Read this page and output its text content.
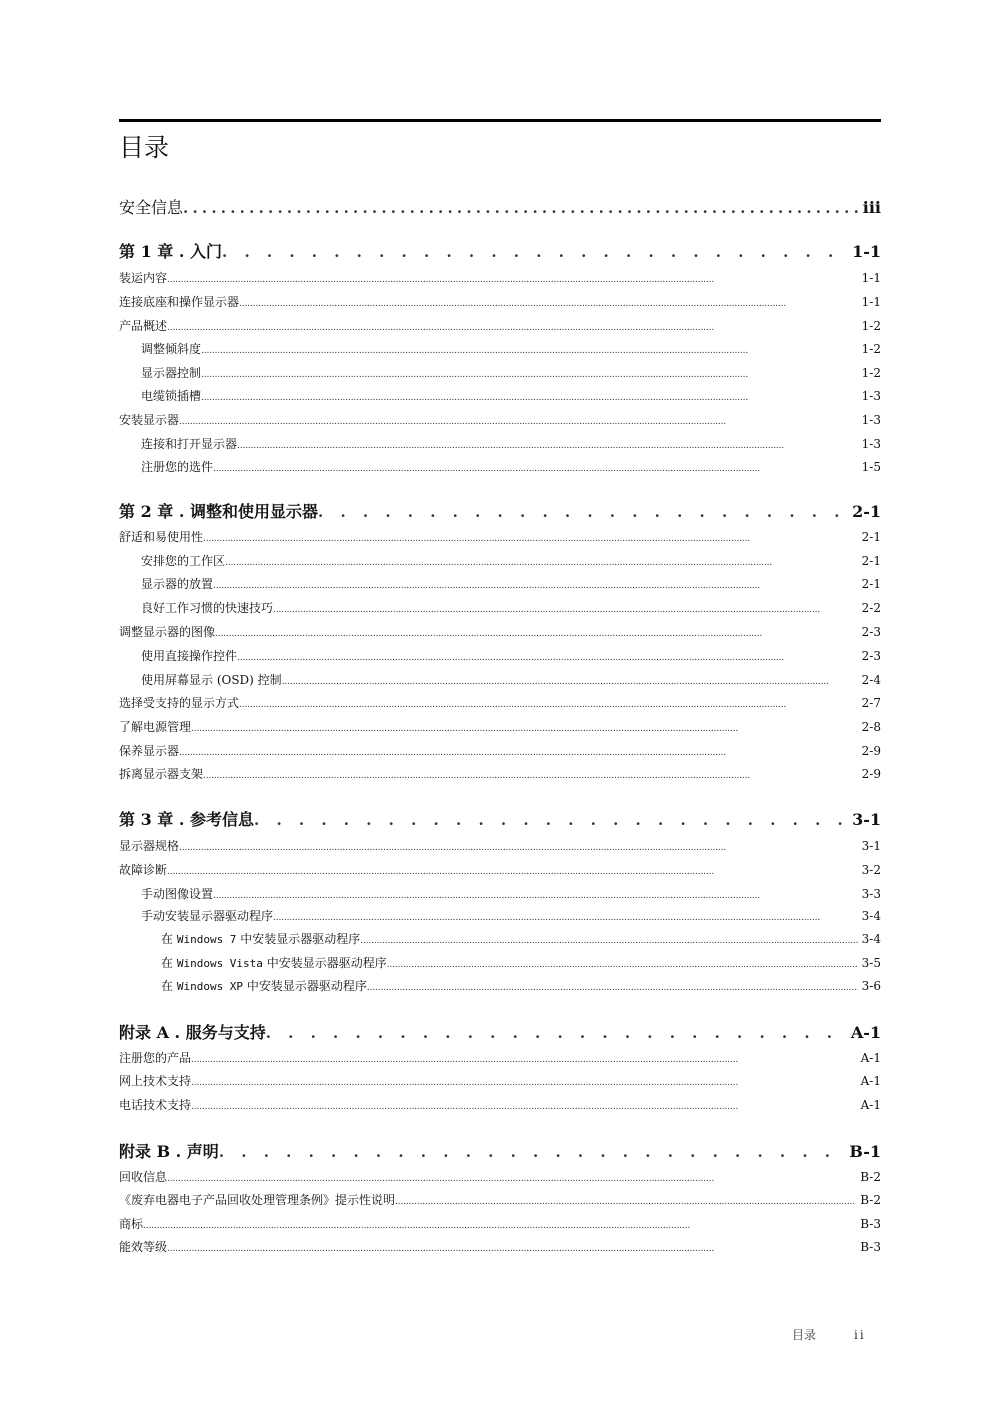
目录
安全信息 . . .	iii
第 1 章 . 入门 . . .	1-1
装运内容 . . .	1-1
连接底座和操作显示器 . . .	1-1
产品概述 . . .	1-2
调整倾斜度 . . .	1-2
显示器控制 . . .	1-2
电缆锁插槽 . . .	1-3
安装显示器 . . .	1-3
连接和打开显示器 . . .	1-3
注册您的选件 . . .	1-5
第 2 章 . 调整和使用显示器 . . .	2-1
舒适和易使用性 . . .	2-1
安排您的工作区 . . .	2-1
显示器的放置 . . .	2-1
良好工作习惯的快速技巧 . . .	2-2
调整显示器的图像 . . .	2-3
使用直接操作控件 . . .	2-3
使用屏幕显示 (OSD) 控制 . . .	2-4
选择受支持的显示方式 . . .	2-7
了解电源管理 . . .	2-8
保养显示器 . . .	2-9
拆离显示器支架 . . .	2-9
第 3 章 . 参考信息 . . .	3-1
显示器规格 . . .	3-1
故障诊断 . . .	3-2
手动图像设置 . . .	3-3
手动安装显示器驱动程序 . . .	3-4
在 Windows 7 中安装显示器驱动程序 . . .	3-4
在 Windows Vista 中安装显示器驱动程序 . . .	3-5
在 Windows XP 中安装显示器驱动程序 . . .	3-6
附录 A . 服务与支持 . . .	A-1
注册您的产品 . . .	A-1
网上技术支持 . . .	A-1
电话技术支持 . . .	A-1
附录 B . 声明 . . .	B-1
回收信息 . . .	B-2
《废弃电器电子产品回收处理管理条例》提示性说明 . . .	B-2
商标 . . .	B-3
能效等级 . . .	B-3
目录	ii
